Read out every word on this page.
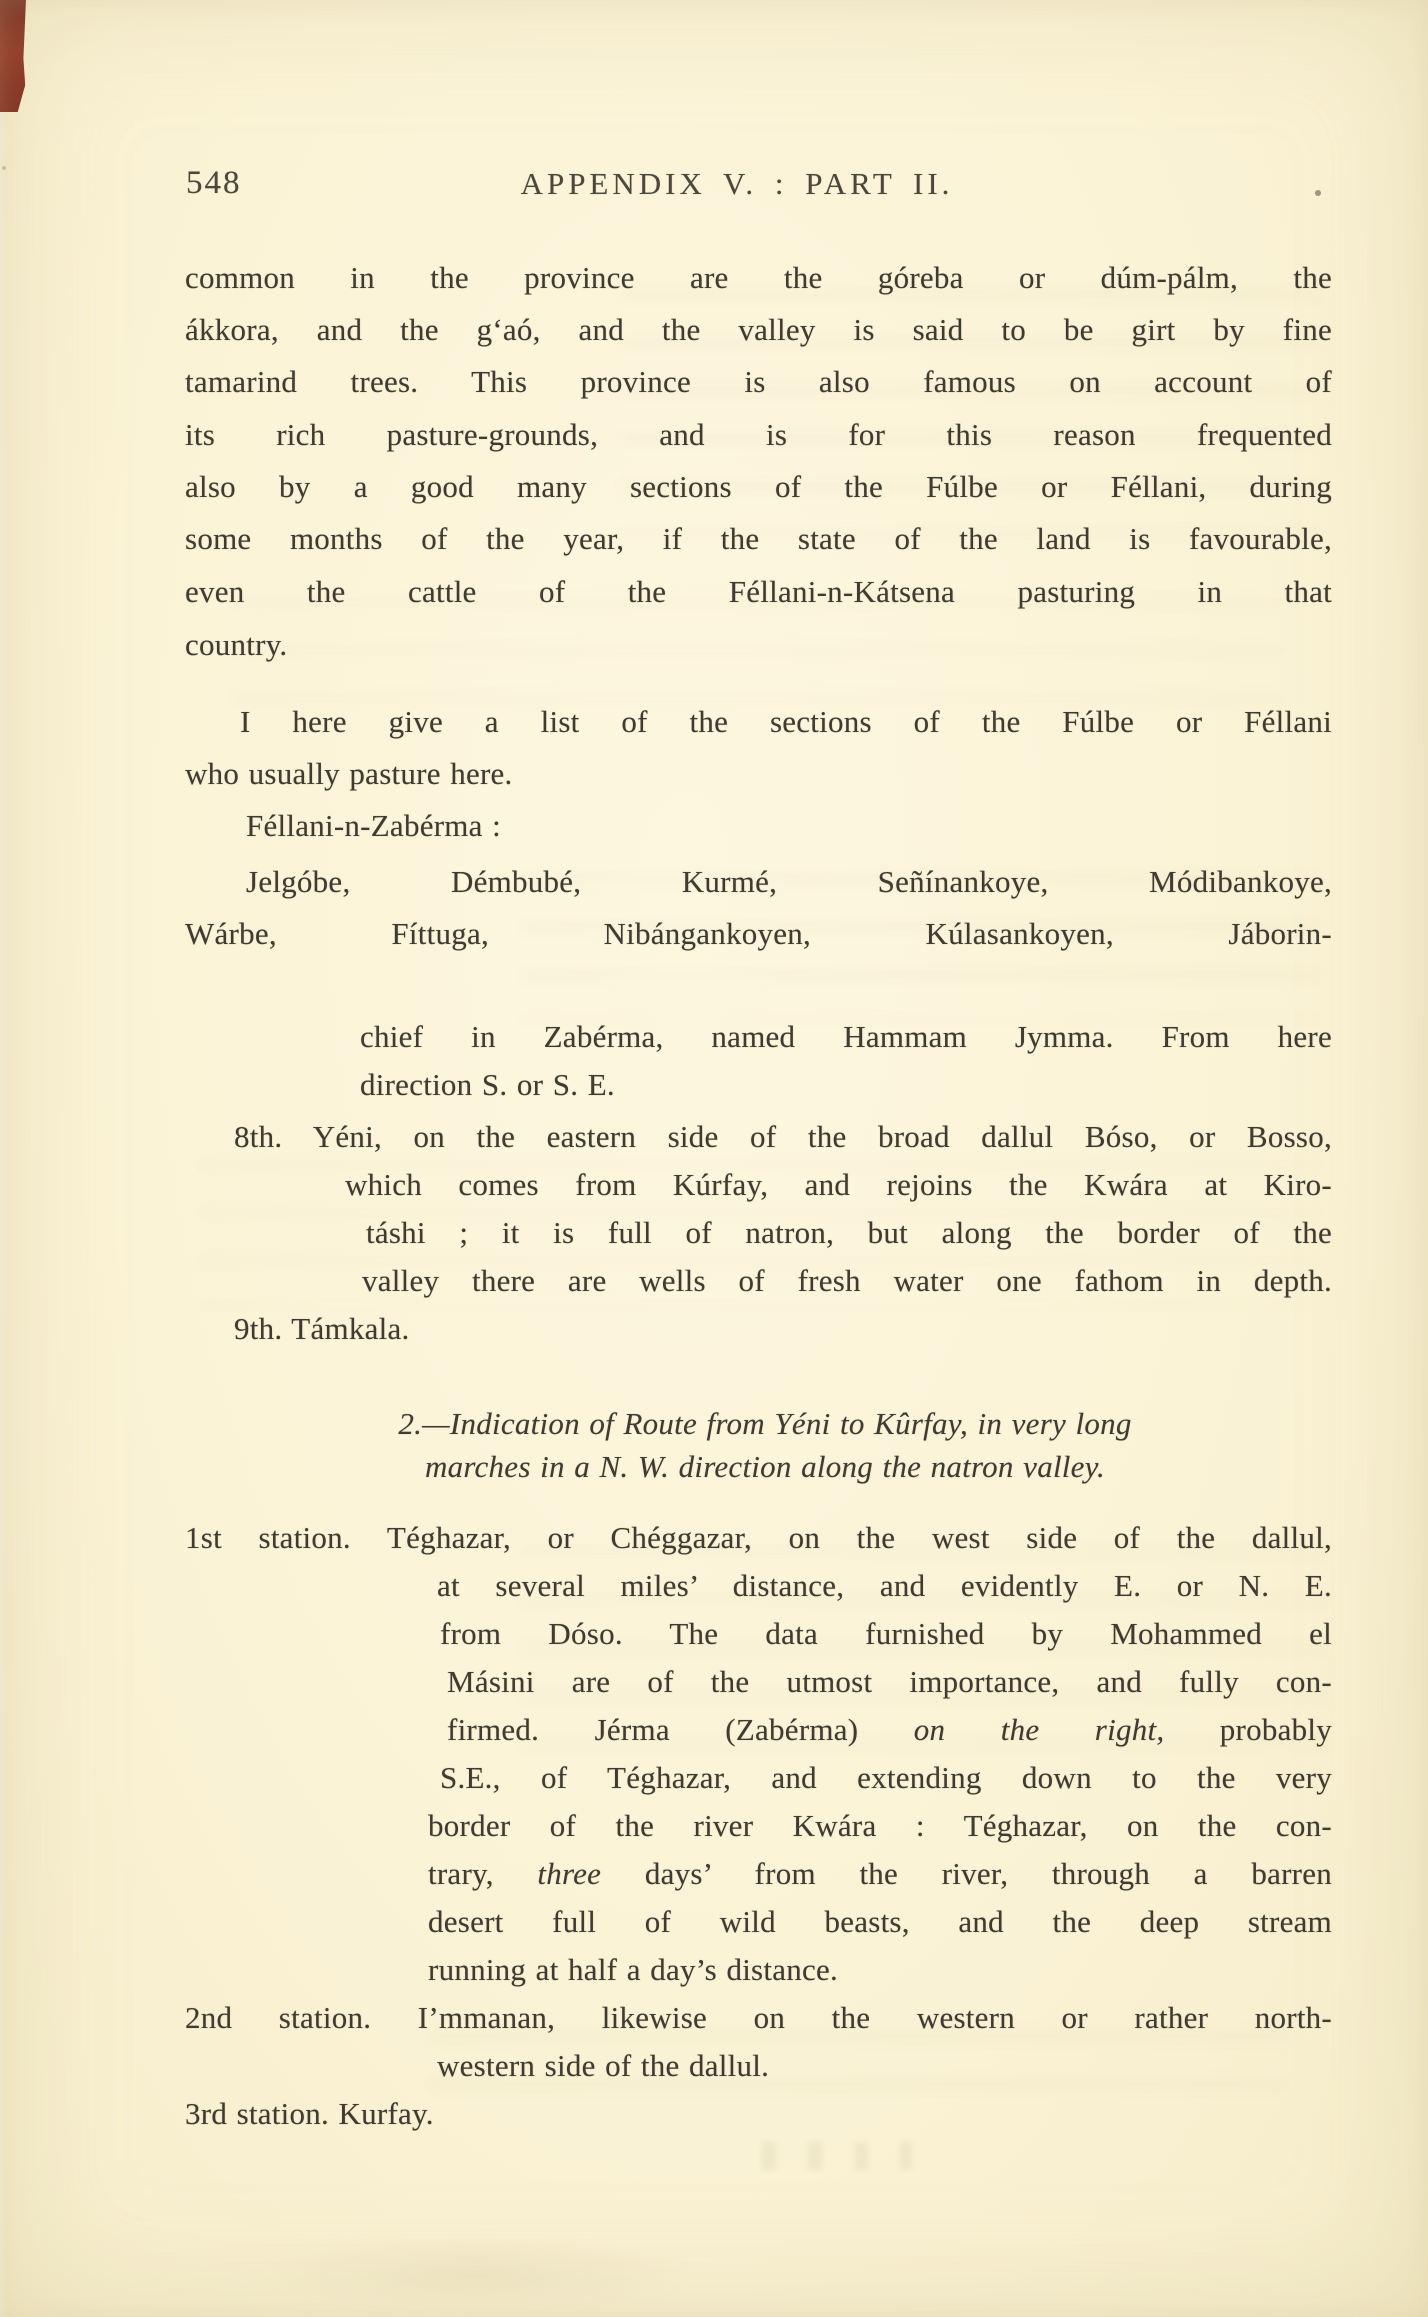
548	APPENDIX V. : PART II.
common in the province are the góreba or dúm-pálm, the
ákkora, and the g‘aó, and the valley is said to be girt by fine
tamarind trees. This province is also famous on account of
its rich pasture-grounds, and is for this reason frequented
also by a good many sections of the Fúlbe or Féllani, during
some months of the year, if the state of the land is favourable,
even the cattle of the Féllani-n-Kátsena pasturing in that
country.
I here give a list of the sections of the Fúlbe or Féllani
who usually pasture here.
Féllani-n-Zabérma :
Jelgóbe, Démbubé, Kurmé, Señínankoye, Módibankoye,
Wárbe, Fíttuga, Nibángankoyen, Kúlasankoyen, Jáborin-
chief in Zabérma, named Hammam Jymma. From here
direction S. or S. E.
8th. Yéni, on the eastern side of the broad dallul Bóso, or Bosso,
which comes from Kúrfay, and rejoins the Kwára at Kiro-
táshi ; it is full of natron, but along the border of the
valley there are wells of fresh water one fathom in depth.
9th. Támkala.
2.—Indication of Route from Yéni to Kûrfay, in very long
marches in a N. W. direction along the natron valley.
1st station. Téghazar, or Chéggazar, on the west side of the dallul,
at several miles’ distance, and evidently E. or N. E.
from Dóso. The data furnished by Mohammed el
Másini are of the utmost importance, and fully con-
firmed. Jérma (Zabérma) on the right, probably
S.E., of Téghazar, and extending down to the very
border of the river Kwára : Téghazar, on the con-
trary, three days’ from the river, through a barren
desert full of wild beasts, and the deep stream
running at half a day’s distance.
2nd station. I’mmanan, likewise on the western or rather north-
western side of the dallul.
3rd station. Kurfay.
